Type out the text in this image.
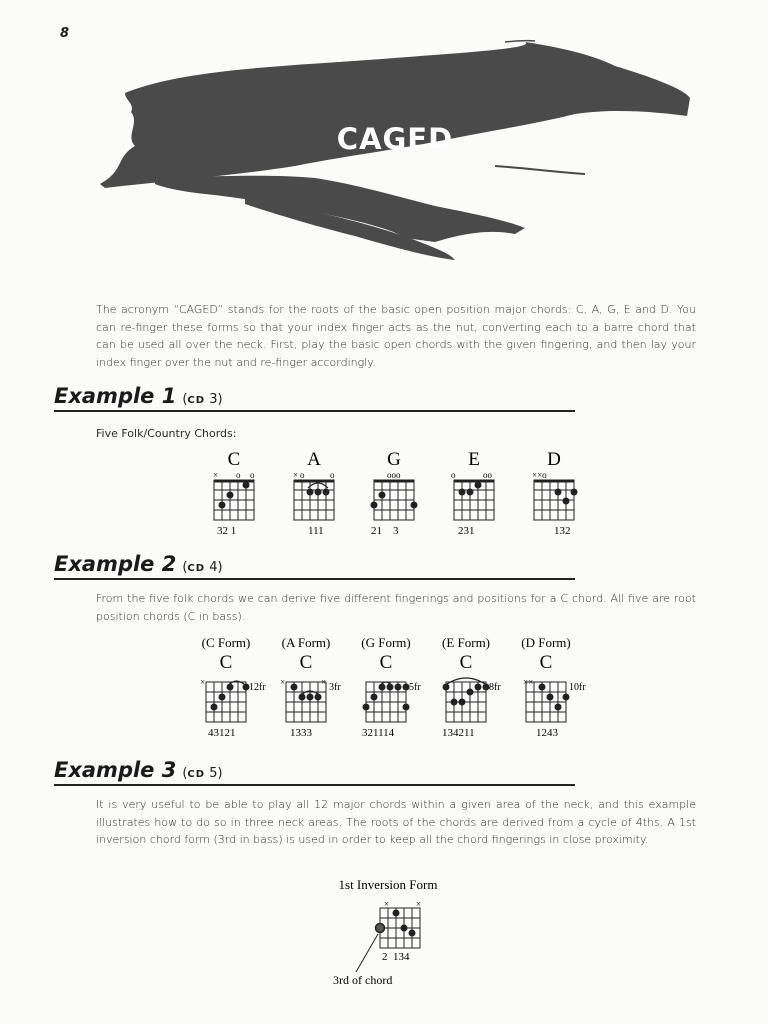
8
CAGED
The acronym “CAGED” stands for the roots of the basic open position major chords: C, A, G, E and D. You can re-finger these forms so that your index finger acts as the nut, converting each to a barre chord that can be used all over the neck. First, play the basic open chords with the given fingering, and then lay your index finger over the nut and re-finger accordingly.
Example 1 (CD 3)
Five Folk/Country Chords:
C
× o o
32 1
A
× o	o
111
G
ooo
21    3
E
o	oo
231
D
××o
132
Example 2 (CD 4)
From the five folk chords we can derive five different fingerings and positions for a C chord. All five are root position chords (C in bass).
(C Form)
C
×	12fr
43121
(A Form)
C
×	× 3fr
1333
(G Form)
C
5fr
321114
(E Form)
C
8fr
134211
(D Form)
C
××	10fr
1243
Example 3 (CD 5)
It is very useful to be able to play all 12 major chords within a given area of the neck, and this example illustrates how to do so in three neck areas. The roots of the chords are derived from a cycle of 4ths. A 1st inversion chord form (3rd in bass) is used in order to keep all the chord fingerings in close proximity.
1st Inversion Form
×	×
2  134
3rd of chord
